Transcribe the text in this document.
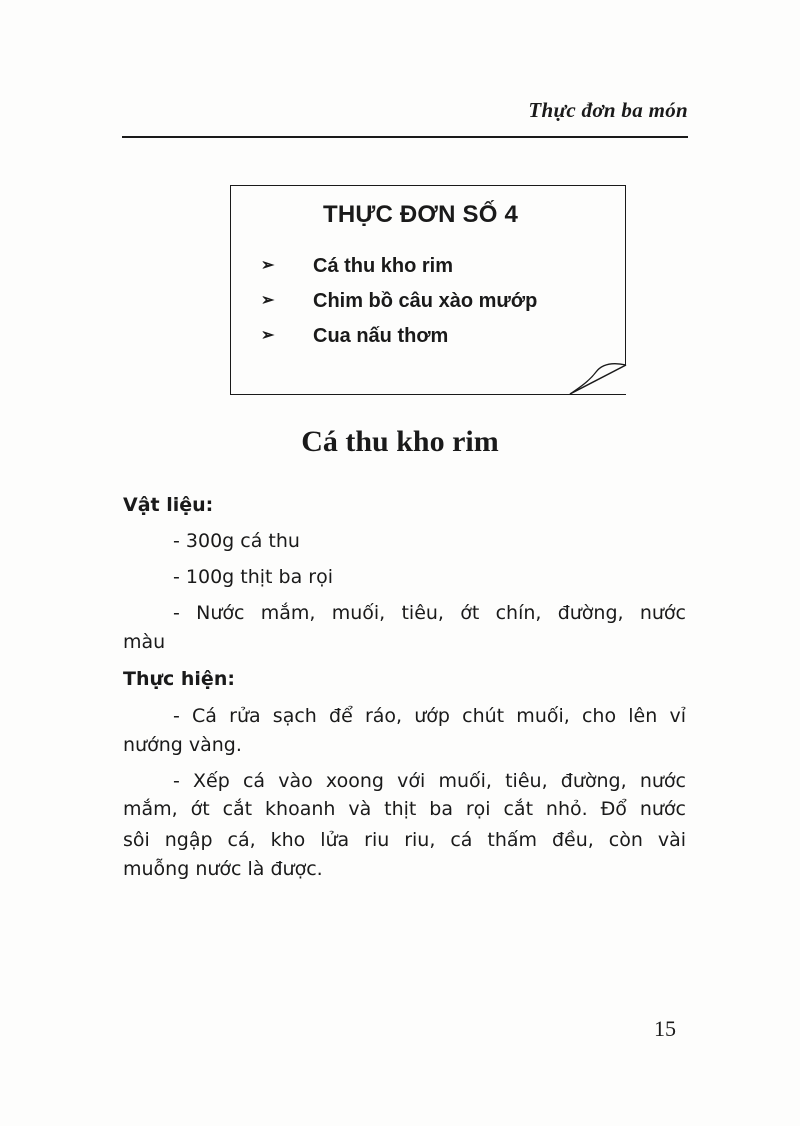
Thực đơn ba món
THỰC ĐƠN SỐ 4
➢ Cá thu kho rim
➢ Chim bồ câu xào mướp
➢ Cua nấu thơm
Cá thu kho rim
Vật liệu:
- 300g cá thu
- 100g thịt ba rọi
- Nước mắm, muối, tiêu, ớt chín, đường, nước
màu
Thực hiện:
- Cá rửa sạch để ráo, ướp chút muối, cho lên vỉ
nướng vàng.
- Xếp cá vào xoong với muối, tiêu, đường, nước
mắm, ớt cắt khoanh và thịt ba rọi cắt nhỏ. Đổ nước
sôi ngập cá, kho lửa riu riu, cá thấm đều, còn vài
muỗng nước là được.
15
